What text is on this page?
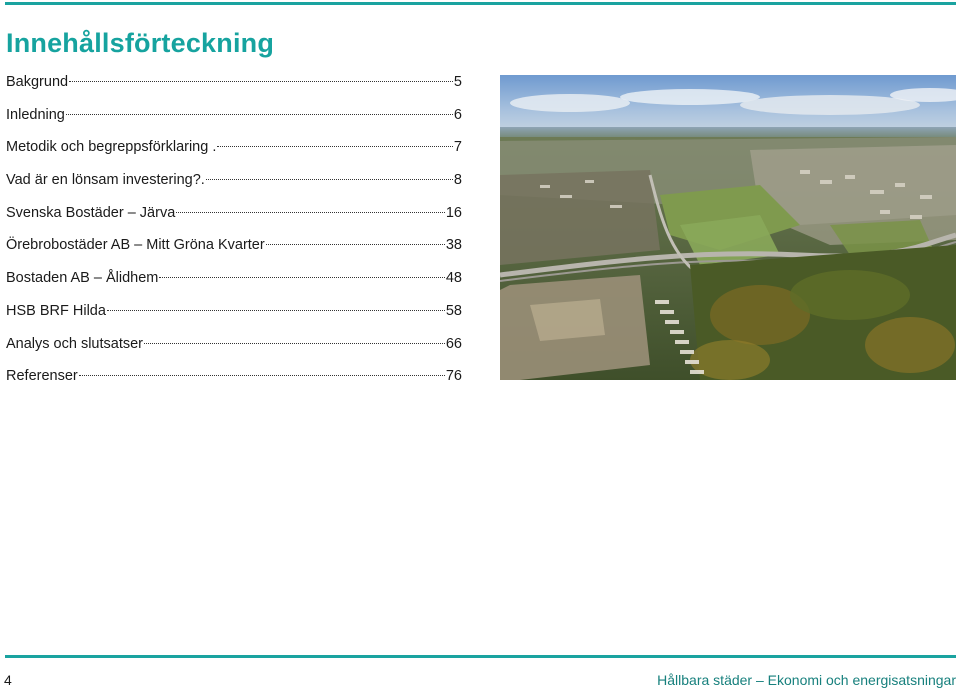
Innehållsförteckning
Bakgrund	5
Inledning	6
Metodik och begreppsförklaring .	7
Vad är en lönsam investering?.	8
Svenska Bostäder – Järva	16
Örebrobostäder AB – Mitt Gröna Kvarter	38
Bostaden AB – Ålidhem	48
HSB BRF Hilda	58
Analys och slutsatser	66
Referenser	76
4	Hållbara städer – Ekonomi och energisatsningar
